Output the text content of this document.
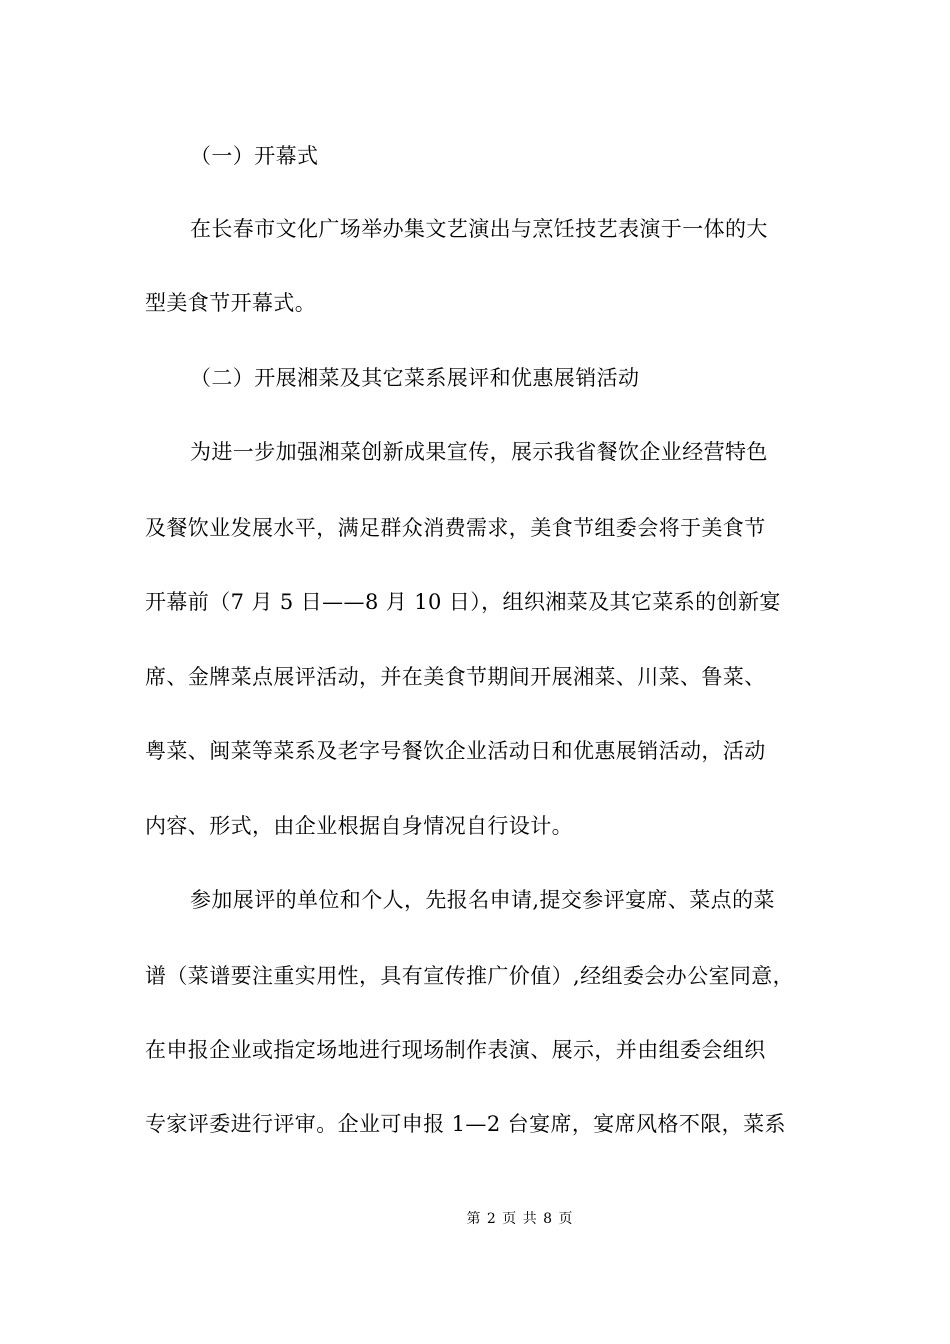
（一）开幕式
在长春市文化广场举办集文艺演出与烹饪技艺表演于一体的大
型美食节开幕式。
（二）开展湘菜及其它菜系展评和优惠展销活动
为进一步加强湘菜创新成果宣传，展示我省餐饮企业经营特色
及餐饮业发展水平，满足群众消费需求，美食节组委会将于美食节
开幕前（7 月 5 日——8 月 10 日），组织湘菜及其它菜系的创新宴
席、金牌菜点展评活动，并在美食节期间开展湘菜、川菜、鲁菜、
粤菜、闽菜等菜系及老字号餐饮企业活动日和优惠展销活动，活动
内容、形式，由企业根据自身情况自行设计。
参加展评的单位和个人，先报名申请,提交参评宴席、菜点的菜
谱（菜谱要注重实用性，具有宣传推广价值）,经组委会办公室同意，
在申报企业或指定场地进行现场制作表演、展示，并由组委会组织
专家评委进行评审。企业可申报 1—2 台宴席，宴席风格不限，菜系
第 2 页 共 8 页
